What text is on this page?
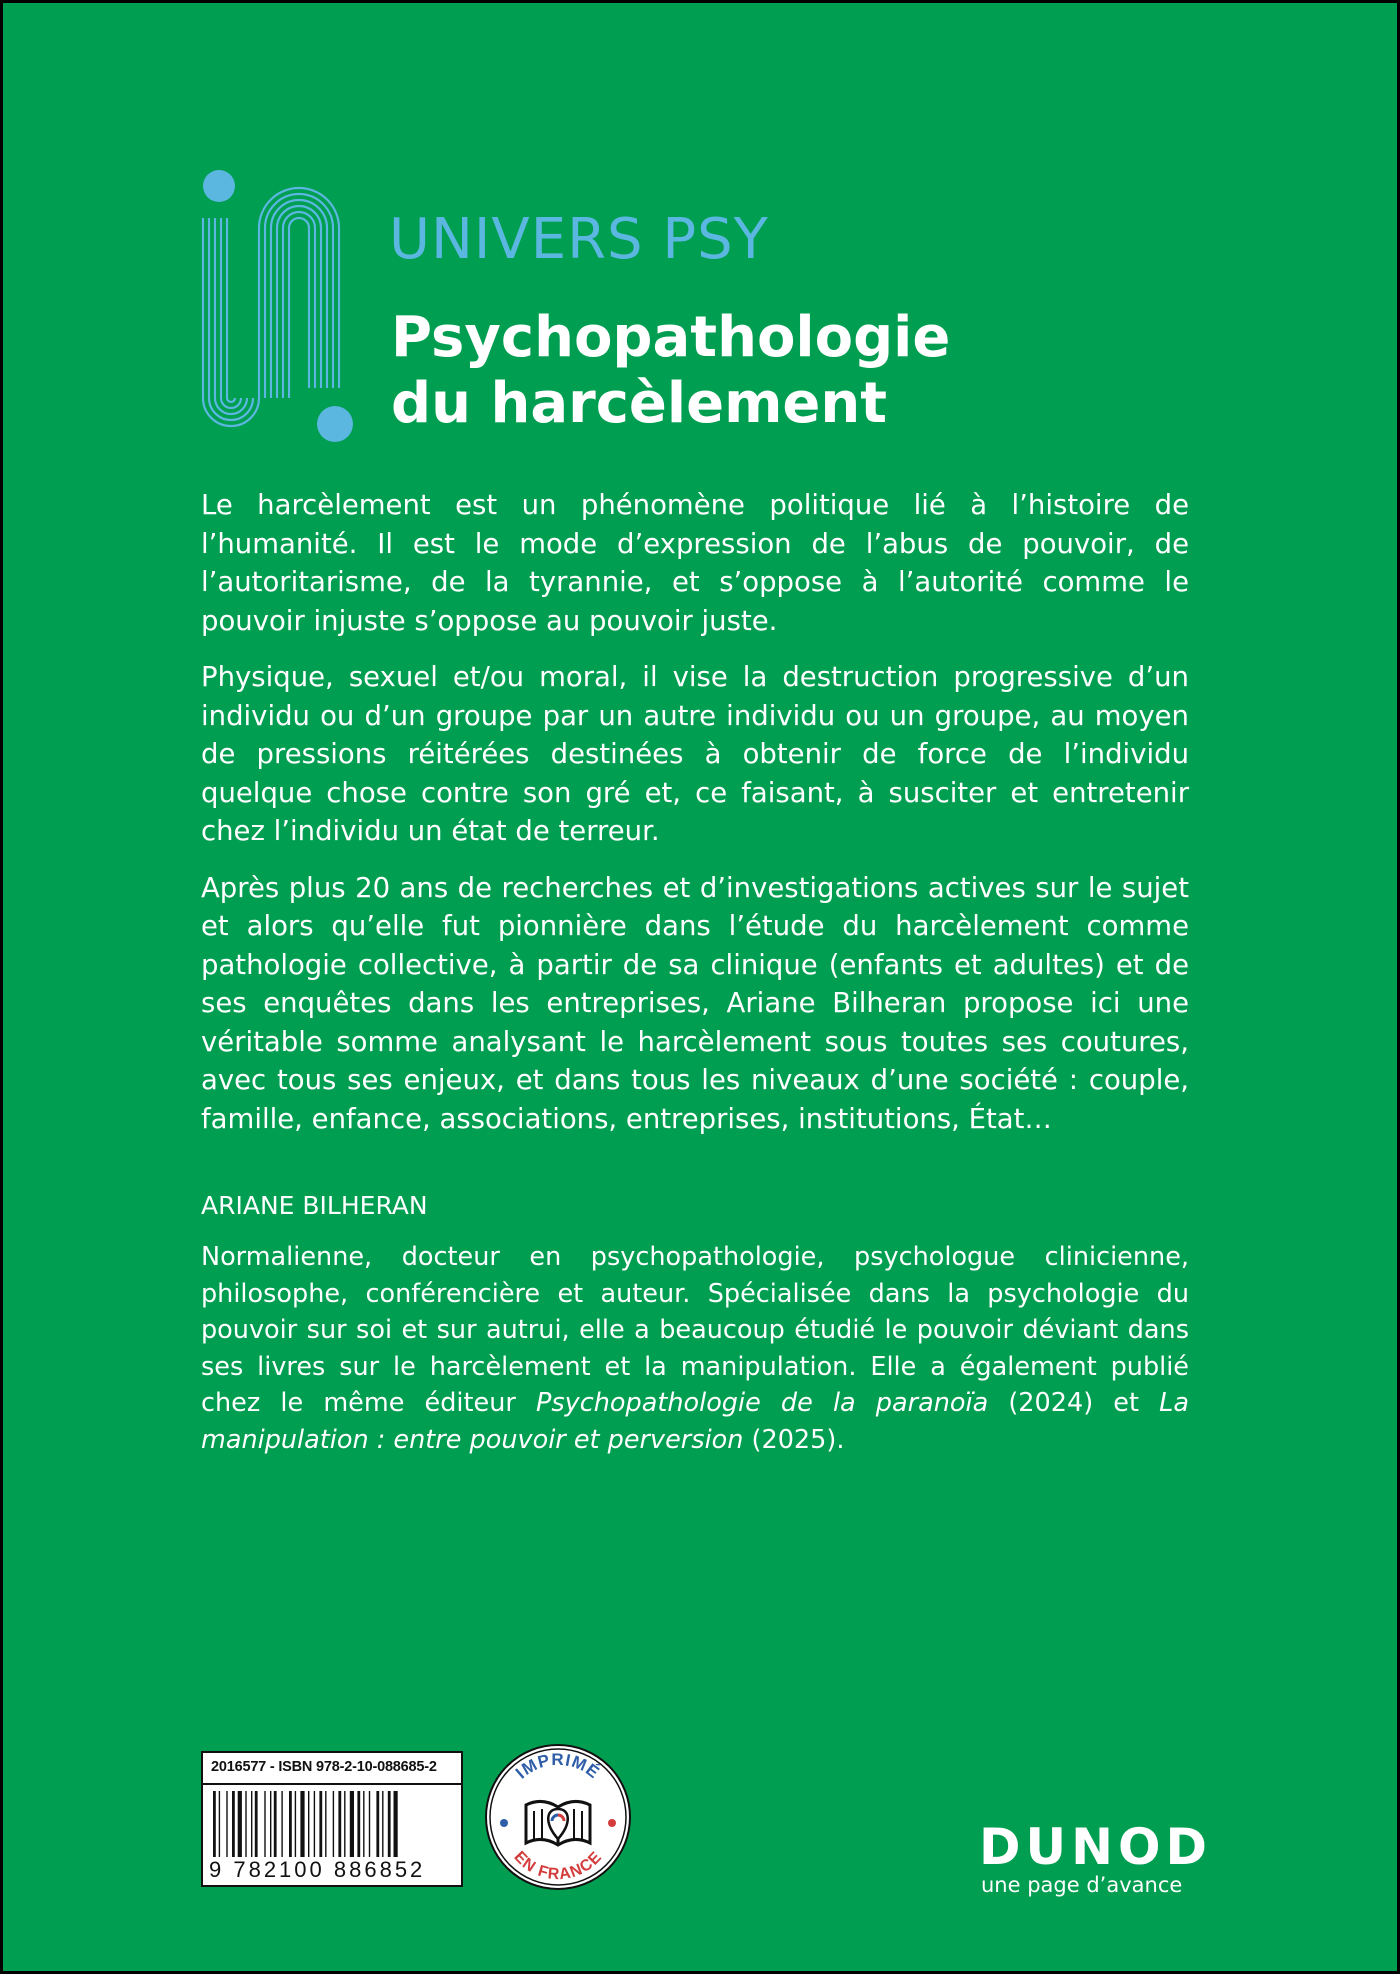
UNIVERS PSY
Psychopathologie
du harcèlement

Le harcèlement est un phénomène politique lié à l’histoire de l’humanité. Il est le mode d’expression de l’abus de pouvoir, de l’autoritarisme, de la tyrannie, et s’oppose à l’autorité comme le pouvoir injuste s’oppose au pouvoir juste.

Physique, sexuel et/ou moral, il vise la destruction progressive d’un individu ou d’un groupe par un autre individu ou un groupe, au moyen de pressions réitérées destinées à obtenir de force de l’individu quelque chose contre son gré et, ce faisant, à susciter et entretenir chez l’individu un état de terreur.

Après plus 20 ans de recherches et d’investigations actives sur le sujet et alors qu’elle fut pionnière dans l’étude du harcèlement comme pathologie collective, à partir de sa clinique (enfants et adultes) et de ses enquêtes dans les entreprises, Ariane Bilheran propose ici une véritable somme analysant le harcèlement sous toutes ses coutures, avec tous ses enjeux, et dans tous les niveaux d’une société : couple, famille, enfance, associations, entreprises, institutions, État…

ARIANE BILHERAN
Normalienne, docteur en psychopathologie, psychologue clinicienne, philosophe, conférencière et auteur. Spécialisée dans la psychologie du pouvoir sur soi et sur autrui, elle a beaucoup étudié le pouvoir déviant dans ses livres sur le harcèlement et la manipulation. Elle a également publié chez le même éditeur Psychopathologie de la paranoïa (2024) et La manipulation : entre pouvoir et perversion (2025).
2016577 - ISBN 978-2-10-088685-2
9 782100 886852
IMPRIMÉ
EN FRANCE	DUNOD
une page d’avance
